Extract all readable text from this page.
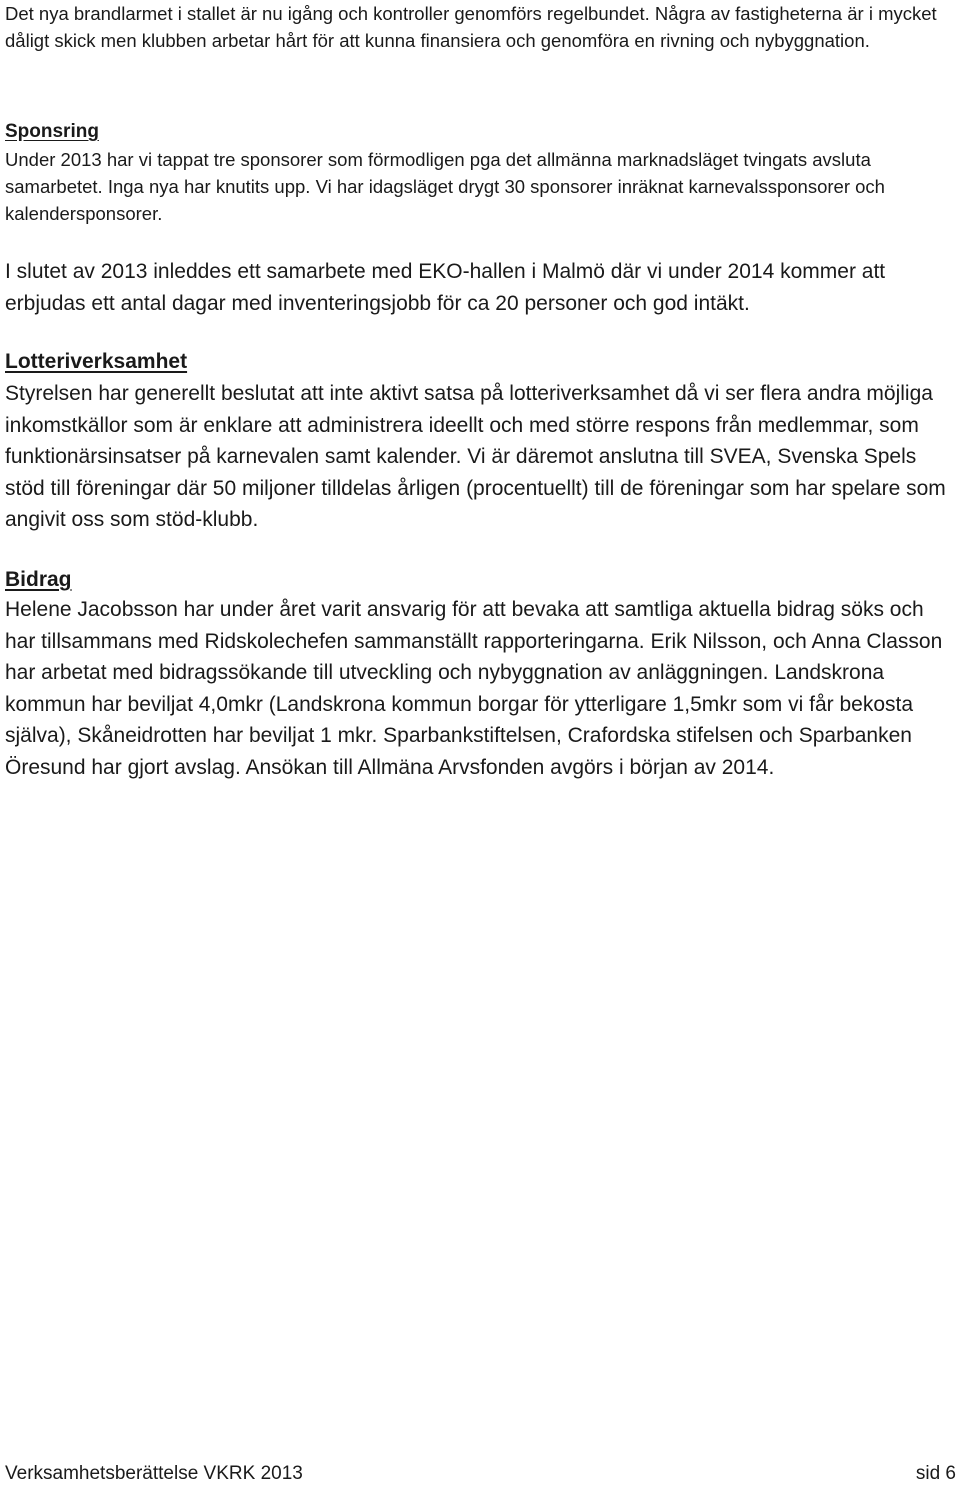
Det nya brandlarmet i stallet är nu igång och kontroller genomförs regelbundet. Några av fastigheterna är i mycket dåligt skick men klubben arbetar hårt för att kunna finansiera och genomföra en rivning och nybyggnation.

Sponsring

Under 2013 har vi tappat tre sponsorer som förmodligen pga det allmänna marknadsläget tvingats avsluta samarbetet. Inga nya har knutits upp. Vi har idagsläget drygt 30 sponsorer inräknat karnevalssponsorer och kalendersponsorer.

I slutet av 2013 inleddes ett samarbete med EKO-hallen i Malmö där vi under 2014 kommer att erbjudas ett antal dagar med inventeringsjobb för ca 20 personer och god intäkt.

Lotteriverksamhet

Styrelsen har generellt beslutat att inte aktivt satsa på lotteriverksamhet då vi ser flera andra möjliga inkomstkällor som är enklare att administrera ideellt och med större respons från medlemmar, som funktionärsinsatser på karnevalen samt kalender. Vi är däremot anslutna till SVEA, Svenska Spels stöd till föreningar där 50 miljoner tilldelas årligen (procentuellt) till de föreningar som har spelare som angivit oss som stöd-klubb.

Bidrag

Helene Jacobsson har under året varit ansvarig för att bevaka att samtliga aktuella bidrag söks och har tillsammans med Ridskolechefen sammanställt rapporteringarna. Erik Nilsson, och Anna Classon har arbetat med bidragssökande till utveckling och nybyggnation av anläggningen. Landskrona kommun har beviljat 4,0mkr (Landskrona kommun borgar för ytterligare 1,5mkr som vi får bekosta själva), Skåneidrotten har beviljat 1 mkr. Sparbankstiftelsen, Crafordska stifelsen och Sparbanken Öresund har gjort avslag. Ansökan till Allmäna Arvsfonden avgörs i början av 2014.

Verksamhetsberättelse VKRK 2013	sid 6
